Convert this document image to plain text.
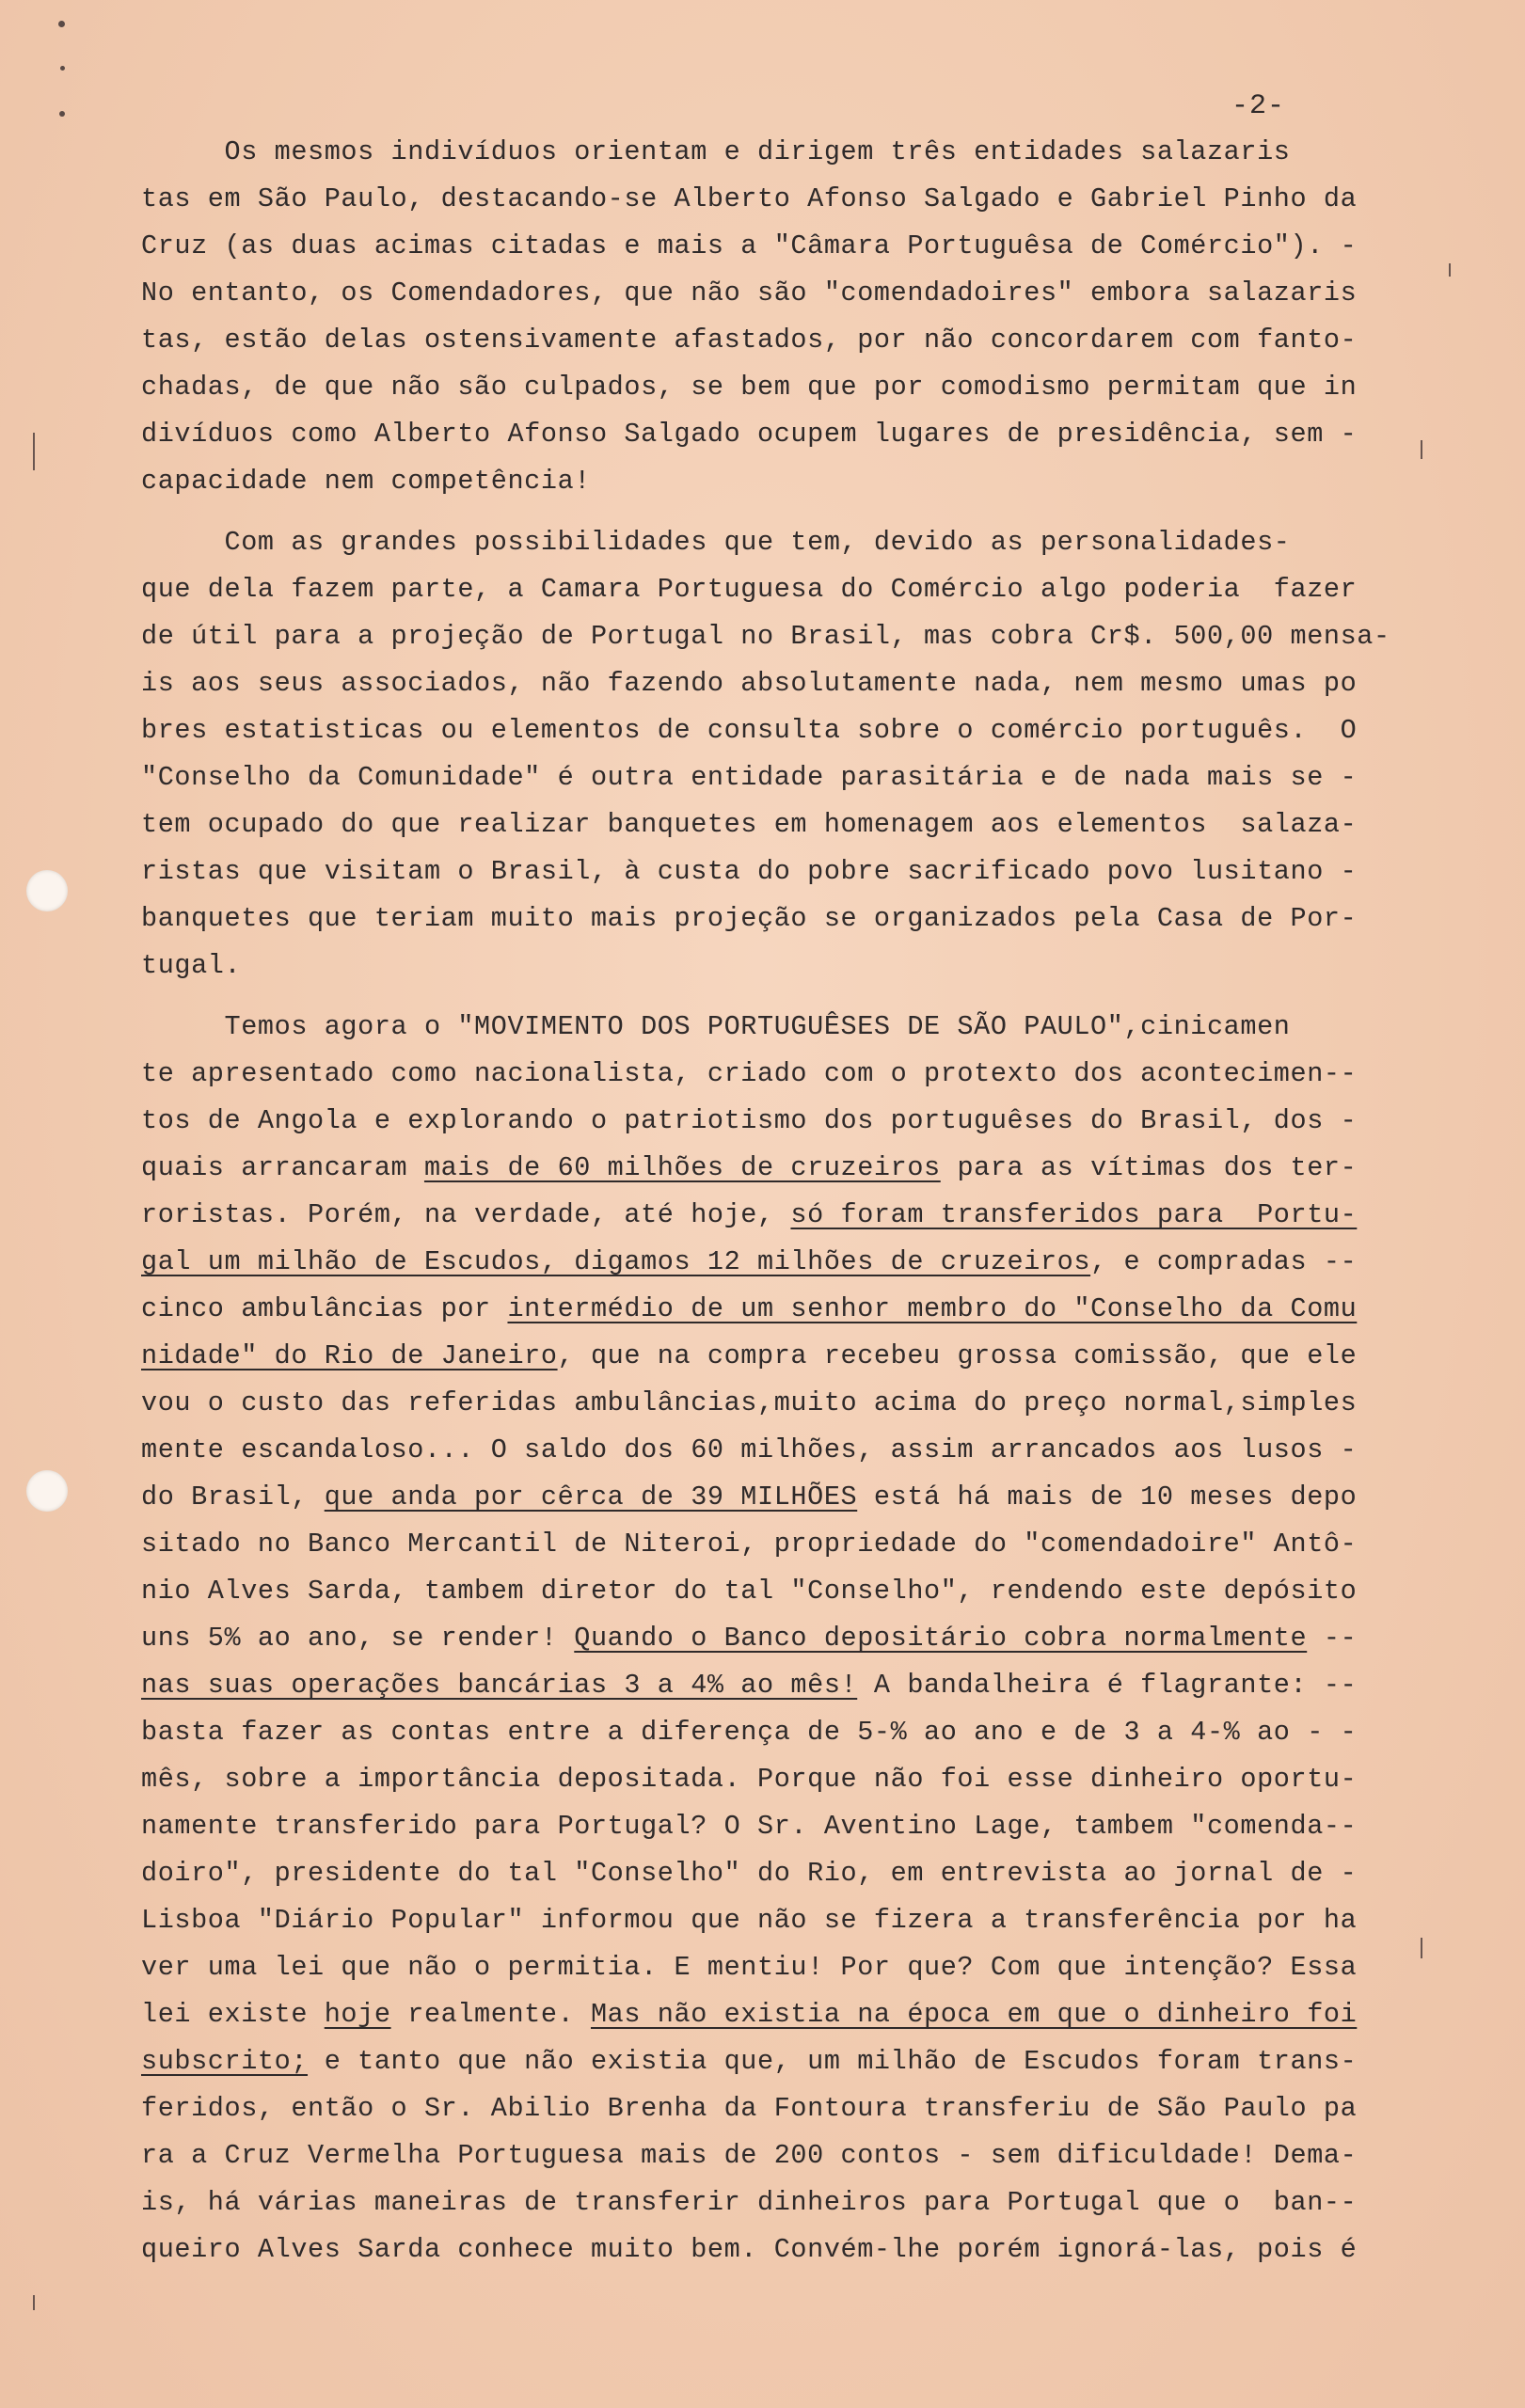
-2-
Os mesmos indivíduos orientam e dirigem três entidades salazaris
tas em São Paulo, destacando-se Alberto Afonso Salgado e Gabriel Pinho da
Cruz (as duas acimas citadas e mais a "Câmara Portuguêsa de Comércio"). -
No entanto, os Comendadores, que não são "comendadoires" embora salazaris
tas, estão delas ostensivamente afastados, por não concordarem com fanto-
chadas, de que não são culpados, se bem que por comodismo permitam que in
divíduos como Alberto Afonso Salgado ocupem lugares de presidência, sem -
capacidade nem competência!
Com as grandes possibilidades que tem, devido as personalidades-
que dela fazem parte, a Camara Portuguesa do Comércio algo poderia  fazer
de útil para a projeção de Portugal no Brasil, mas cobra Cr$. 500,00 mensa-
is aos seus associados, não fazendo absolutamente nada, nem mesmo umas po
bres estatisticas ou elementos de consulta sobre o comércio português.  O
"Conselho da Comunidade" é outra entidade parasitária e de nada mais se -
tem ocupado do que realizar banquetes em homenagem aos elementos  salaza-
ristas que visitam o Brasil, à custa do pobre sacrificado povo lusitano -
banquetes que teriam muito mais projeção se organizados pela Casa de Por-
tugal.
Temos agora o "MOVIMENTO DOS PORTUGUÊSES DE SÃO PAULO",cinicamen
te apresentado como nacionalista, criado com o protexto dos acontecimen--
tos de Angola e explorando o patriotismo dos portuguêses do Brasil, dos -
quais arrancaram mais de 60 milhões de cruzeiros para as vítimas dos ter-
roristas. Porém, na verdade, até hoje, só foram transferidos para  Portu-
gal um milhão de Escudos, digamos 12 milhões de cruzeiros, e compradas --
cinco ambulâncias por intermédio de um senhor membro do "Conselho da Comu
nidade" do Rio de Janeiro, que na compra recebeu grossa comissão, que ele
vou o custo das referidas ambulâncias,muito acima do preço normal,simples
mente escandaloso... O saldo dos 60 milhões, assim arrancados aos lusos -
do Brasil, que anda por cêrca de 39 MILHÕES está há mais de 10 meses depo
sitado no Banco Mercantil de Niteroi, propriedade do "comendadoire" Antô-
nio Alves Sarda, tambem diretor do tal "Conselho", rendendo este depósito
uns 5% ao ano, se render! Quando o Banco depositário cobra normalmente --
nas suas operações bancárias 3 a 4% ao mês! A bandalheira é flagrante: --
basta fazer as contas entre a diferença de 5-% ao ano e de 3 a 4-% ao - -
mês, sobre a importância depositada. Porque não foi esse dinheiro oportu-
namente transferido para Portugal? O Sr. Aventino Lage, tambem "comenda--
doiro", presidente do tal "Conselho" do Rio, em entrevista ao jornal de -
Lisboa "Diário Popular" informou que não se fizera a transferência por ha
ver uma lei que não o permitia. E mentiu! Por que? Com que intenção? Essa
lei existe hoje realmente. Mas não existia na época em que o dinheiro foi
subscrito; e tanto que não existia que, um milhão de Escudos foram trans-
feridos, então o Sr. Abilio Brenha da Fontoura transferiu de São Paulo pa
ra a Cruz Vermelha Portuguesa mais de 200 contos - sem dificuldade! Dema-
is, há várias maneiras de transferir dinheiros para Portugal que o  ban--
queiro Alves Sarda conhece muito bem. Convém-lhe porém ignorá-las, pois é
